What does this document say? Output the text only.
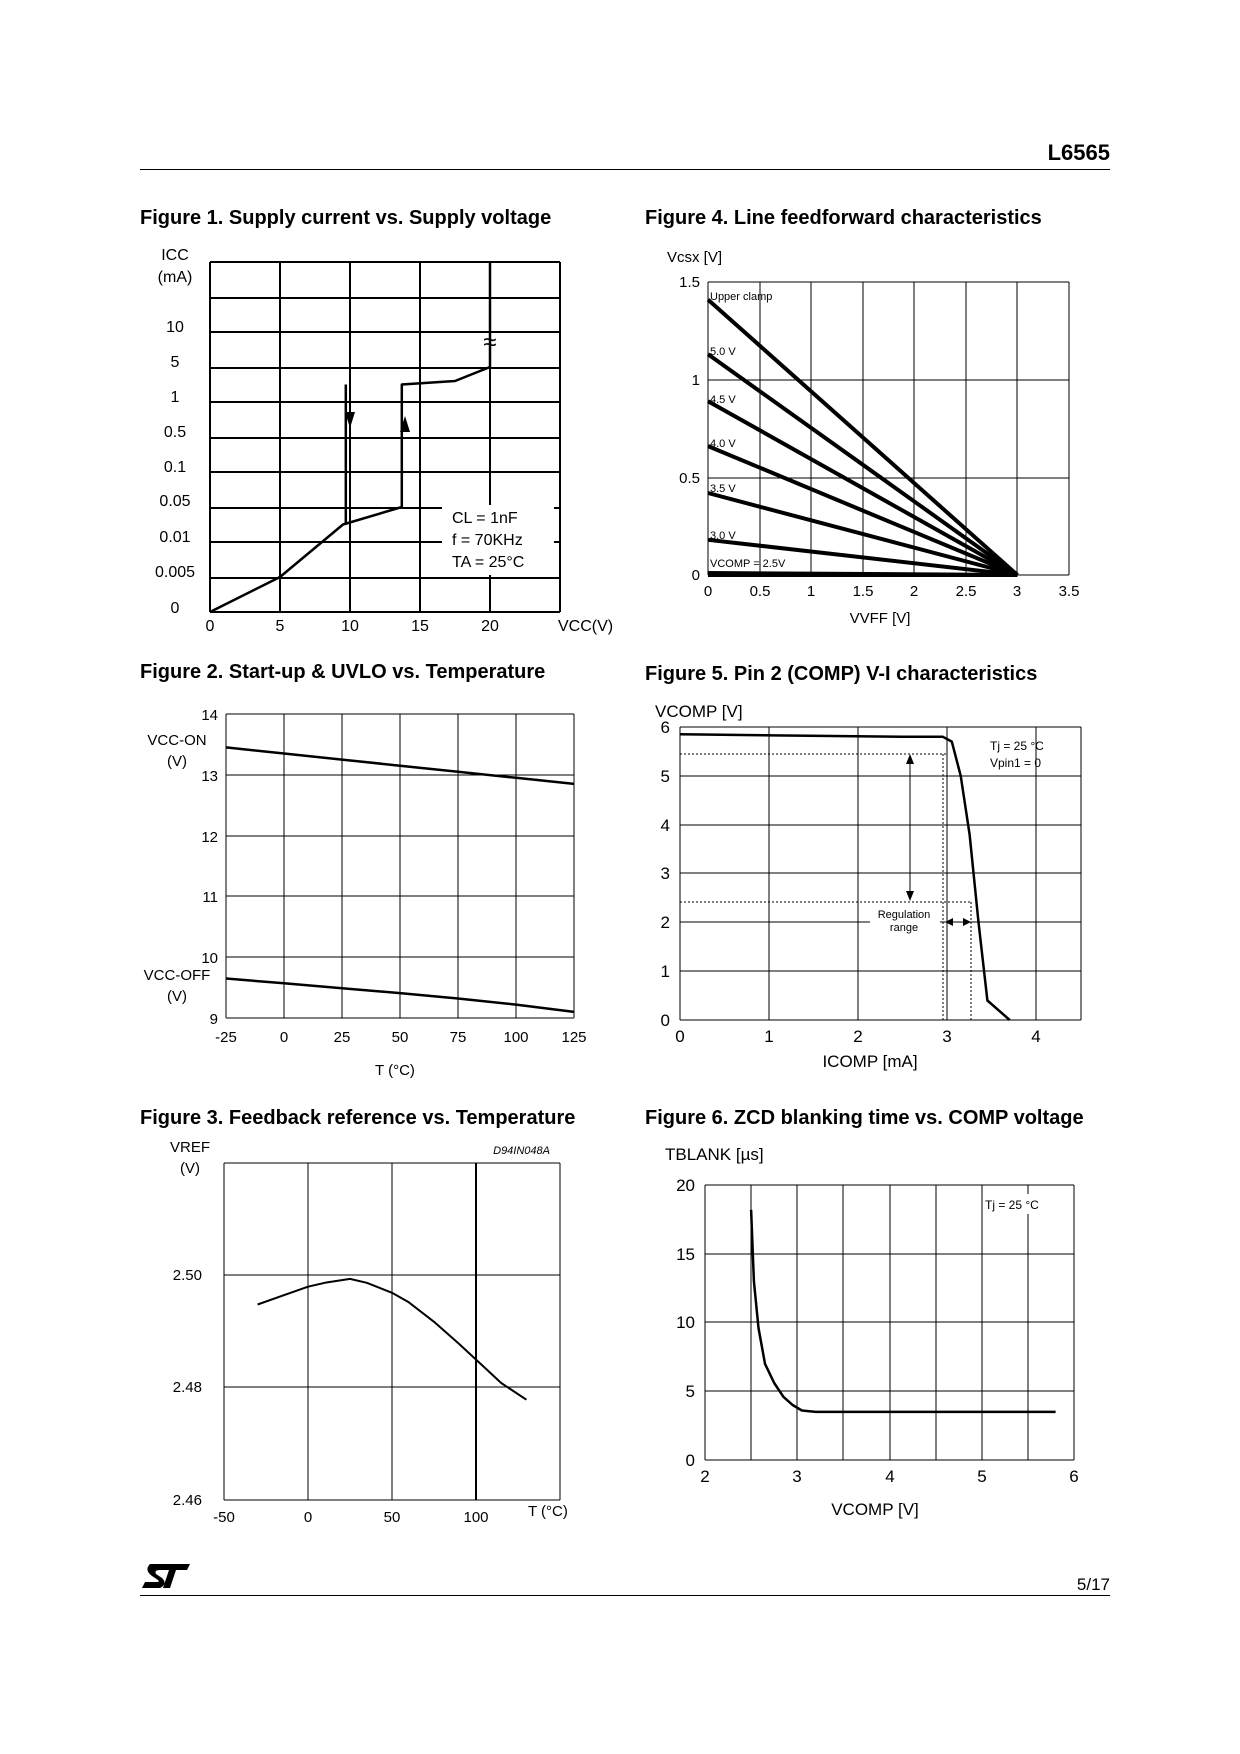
L6565
Figure 1. Supply current vs. Supply voltage
Figure 2. Start-up & UVLO vs. Temperature
Figure 3. Feedback reference vs. Temperature
Figure 4. Line feedforward characteristics
Figure 5. Pin 2 (COMP) V-I characteristics
Figure 6. ZCD blanking time vs. COMP voltage
ICC
(mA)
0
0.005
0.01
0.05
0.1
0.5
1
5
10
0	5	10	15	20	VCC(V)
CL = 1nF
f = 70KHz
TA = 25°C
≈
9
10
11
12
13
14
VCC-ON
(V)
VCC-OFF
(V)
-25	0	25	50	75 100 125
T (°C)
D94IN048A
VREF
(V)
2.46
2.48
2.50
-50	0	50	100	T (°C)
Vcsx [V]
0
0.5
1
1.5
0 0.5 1 1.5 2 2.5 3 3.5
VVFF [V]
Upper clamp
5.0 V
4.5 V
4.0 V
3.5 V
3.0 V
VCOMP = 2.5V
Regulation
range
Tj = 25 °C
Vpin1 = 0
VCOMP [V]
0
1
2
3
4
5
6
0	1	2	3	4
ICOMP [mA]
Tj = 25 °C
TBLANK [µs]
0
5
10
15
20
2	3	4	5	6
VCOMP [V]
5/17
